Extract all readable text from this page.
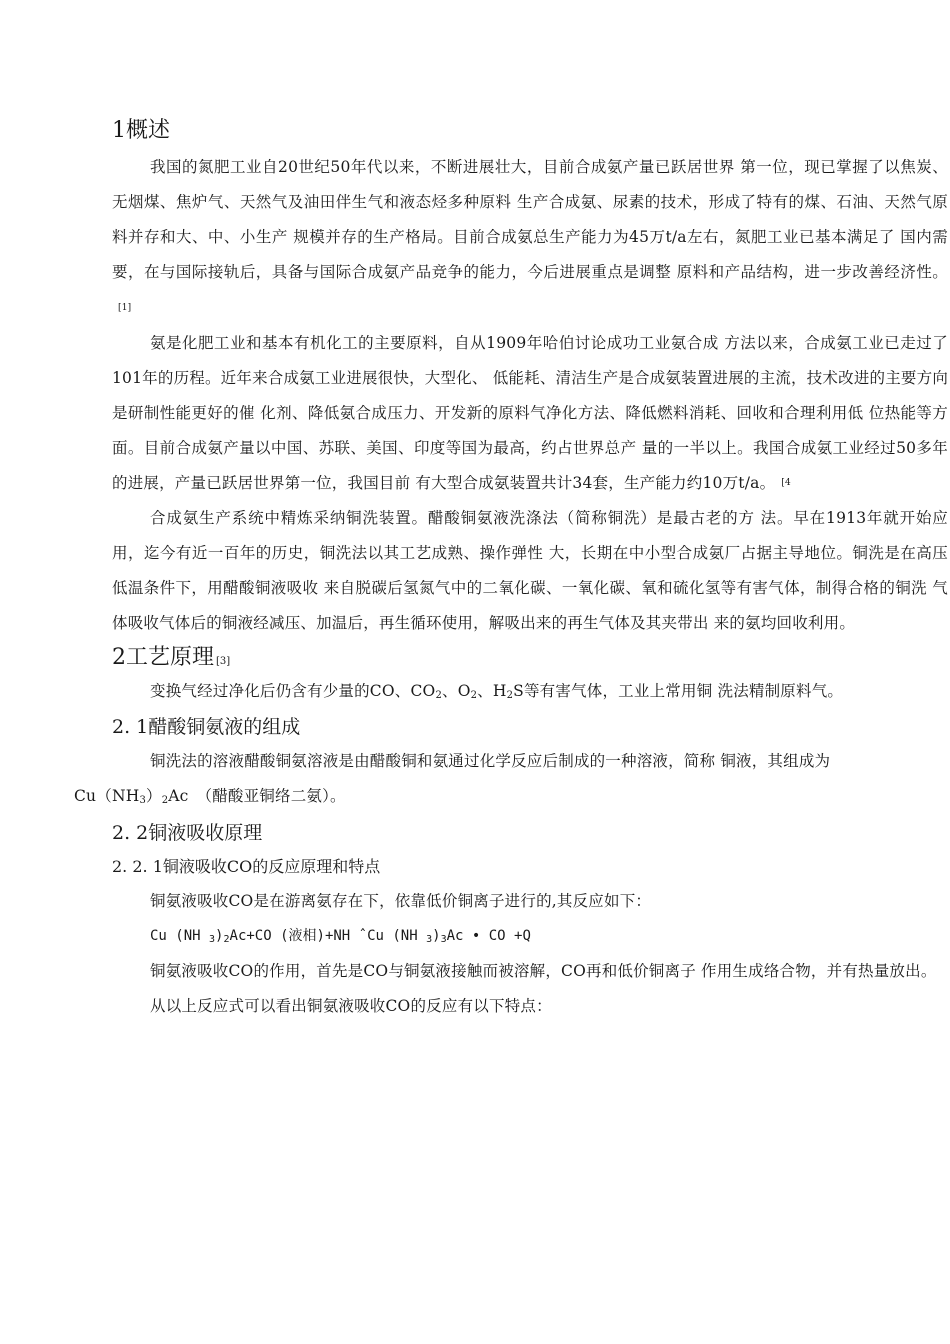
1概述

我国的氮肥工业自20世纪50年代以来，不断进展壮大，目前合成氨产量已跃居世界 第一位，现已掌握了以焦炭、无烟煤、焦炉气、天然气及油田伴生气和液态烃多种原料 生产合成氨、尿素的技术，形成了特有的煤、石油、天然气原料并存和大、中、小生产 规模并存的生产格局。目前合成氨总生产能力为45万t/a左右，氮肥工业已基本满足了 国内需要，在与国际接轨后，具备与国际合成氨产品竞争的能力，今后进展重点是调整 原料和产品结构，进一步改善经济性。[1]

氨是化肥工业和基本有机化工的主要原料，自从1909年哈伯讨论成功工业氨合成 方法以来，合成氨工业已走过了101年的历程。近年来合成氨工业进展很快，大型化、 低能耗、清洁生产是合成氨装置进展的主流，技术改进的主要方向是研制性能更好的催 化剂、降低氨合成压力、开发新的原料气净化方法、降低燃料消耗、回收和合理利用低 位热能等方面。目前合成氨产量以中国、苏联、美国、印度等国为最高，约占世界总产 量的一半以上。我国合成氨工业经过50多年的进展，产量已跃居世界第一位，我国目前 有大型合成氨装置共计34套，生产能力约10万t/a。 [4

合成氨生产系统中精炼采纳铜洗装置。醋酸铜氨液洗涤法（简称铜洗）是最古老的方 法。早在1913年就开始应用，迄今有近一百年的历史，铜洗法以其工艺成熟、操作弹性 大，长期在中小型合成氨厂占据主导地位。铜洗是在高压低温条件下，用醋酸铜液吸收 来自脱碳后氢氮气中的二氧化碳、一氧化碳、氧和硫化氢等有害气体，制得合格的铜洗 气体吸收气体后的铜液经减压、加温后，再生循环使用，解吸出来的再生气体及其夹带出 来的氨均回收利用。

2工艺原理 [3]

变换气经过净化后仍含有少量的CO、$CO_2$、$O_2$、$H_2S$等有害气体，工业上常用铜 洗法精制原料气。

2. 1醋酸铜氨液的组成

铜洗法的溶液醋酸铜氨溶液是由醋酸铜和氨通过化学反应后制成的一种溶液，简称 铜液，其组成为
$Cu(NH_3)_2Ac$　（醋酸亚铜络二氨）。

2. 2铜液吸收原理
2. 2. 1铜液吸收CO的反应原理和特点

铜氨液吸收CO是在游离氨存在下，依靠低价铜离子进行的,其反应如下：

Cu (NH $_3)_2Ac+CO$ (液相)+NH ˆCu (NH $_3)_3Ac$ • CO +Q

铜氨液吸收CO的作用，首先是CO与铜氨液接触而被溶解，CO再和低价铜离子 作用生成络合物，并有热量放出。

从以上反应式可以看出铜氨液吸收CO的反应有以下特点：
